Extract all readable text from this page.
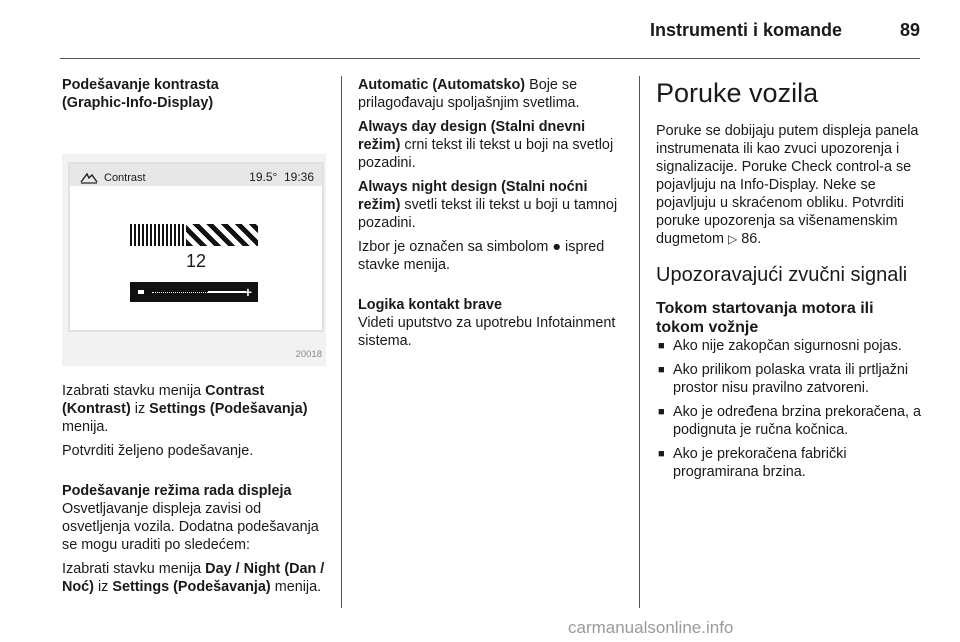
Instrumenti i komande	89

Podešavanje kontrasta

(Graphic-Info-Display)

Contrast	19.5° 19:36
12
+
20018

Izabrati stavku menija Contrast (Kontrast) iz Settings (Podešavanja) menija.

Potvrditi željeno podešavanje.

Podešavanje režima rada displeja

Osvetljavanje displeja zavisi od osvetljenja vozila. Dodatna podešavanja se mogu uraditi po sledećem:

Izabrati stavku menija Day / Night (Dan / Noć) iz Settings (Podešavanja) menija.

Automatic (Automatsko) Boje se prilagođavaju spoljašnjim svetlima.

Always day design (Stalni dnevni režim) crni tekst ili tekst u boji na svetloj pozadini.

Always night design (Stalni noćni režim) svetli tekst ili tekst u boji u tamnoj pozadini.

Izbor je označen sa simbolom ● ispred stavke menija.

Logika kontakt brave

Videti uputstvo za upotrebu Infotainment sistema.

Poruke vozila

Poruke se dobijaju putem displeja panela instrumenata ili kao zvuci upozorenja i signalizacije. Poruke Check control-a se pojavljuju na Info-Display. Neke se pojavljuju u skraćenom obliku. Potvrditi poruke upozorenja sa višenamenskim dugmetom ▷ 86.

Upozoravajući zvučni signali
Tokom startovanja motora ili tokom vožnje
■ Ako nije zakopčan sigurnosni pojas.
■ Ako prilikom polaska vrata ili prtljažni prostor nisu pravilno zatvoreni.
■ Ako je određena brzina prekoračena, a podignuta je ručna kočnica.
■ Ako je prekoračena fabrički programirana brzina.
carmanualsonline.info
